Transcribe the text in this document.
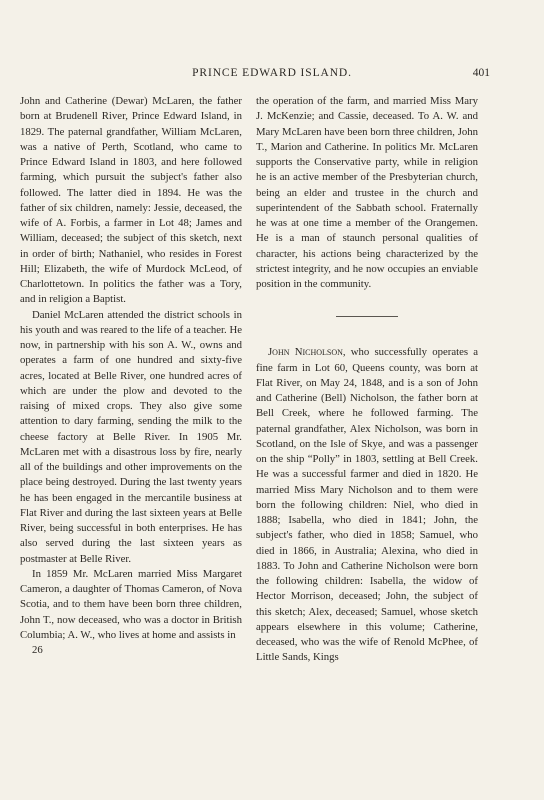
PRINCE EDWARD ISLAND.	401

John and Catherine (Dewar) McLaren, the father born at Brudenell River, Prince Edward Island, in 1829. The paternal grandfather, William McLaren, was a native of Perth, Scotland, who came to Prince Edward Island in 1803, and here followed farming, which pursuit the subject's father also followed. The latter died in 1894. He was the father of six children, namely: Jessie, deceased, the wife of A. Forbis, a farmer in Lot 48; James and William, deceased; the subject of this sketch, next in order of birth; Nathaniel, who resides in Forest Hill; Elizabeth, the wife of Murdock McLeod, of Charlottetown. In politics the father was a Tory, and in religion a Baptist.

Daniel McLaren attended the district schools in his youth and was reared to the life of a teacher. He now, in partnership with his son A. W., owns and operates a farm of one hundred and sixty-five acres, located at Belle River, one hundred acres of which are under the plow and devoted to the raising of mixed crops. They also give some attention to dary farming, sending the milk to the cheese factory at Belle River. In 1905 Mr. McLaren met with a disastrous loss by fire, nearly all of the buildings and other improvements on the place being destroyed. During the last twenty years he has been engaged in the mercantile business at Flat River and during the last sixteen years at Belle River, being successful in both enterprises. He has also served during the last sixteen years as postmaster at Belle River.

In 1859 Mr. McLaren married Miss Margaret Cameron, a daughter of Thomas Cameron, of Nova Scotia, and to them have been born three children, John T., now deceased, who was a doctor in British Columbia; A. W., who lives at home and assists in

26

the operation of the farm, and married Miss Mary J. McKenzie; and Cassie, deceased. To A. W. and Mary McLaren have been born three children, John T., Marion and Catherine. In politics Mr. McLaren supports the Conservative party, while in religion he is an active member of the Presbyterian church, being an elder and trustee in the church and superintendent of the Sabbath school. Fraternally he was at one time a member of the Orangemen. He is a man of staunch personal qualities of character, his actions being characterized by the strictest integrity, and he now occupies an enviable position in the community.

John Nicholson, who successfully operates a fine farm in Lot 60, Queens county, was born at Flat River, on May 24, 1848, and is a son of John and Catherine (Bell) Nicholson, the father born at Bell Creek, where he followed farming. The paternal grandfather, Alex Nicholson, was born in Scotland, on the Isle of Skye, and was a passenger on the ship “Polly” in 1803, settling at Bell Creek. He was a successful farmer and died in 1820. He married Miss Mary Nicholson and to them were born the following children: Niel, who died in 1888; Isabella, who died in 1841; John, the subject's father, who died in 1858; Samuel, who died in 1866, in Australia; Alexina, who died in 1883. To John and Catherine Nicholson were born the following children: Isabella, the widow of Hector Morrison, deceased; John, the subject of this sketch; Alex, deceased; Samuel, whose sketch appears elsewhere in this volume; Catherine, deceased, who was the wife of Renold McPhee, of Little Sands, Kings
